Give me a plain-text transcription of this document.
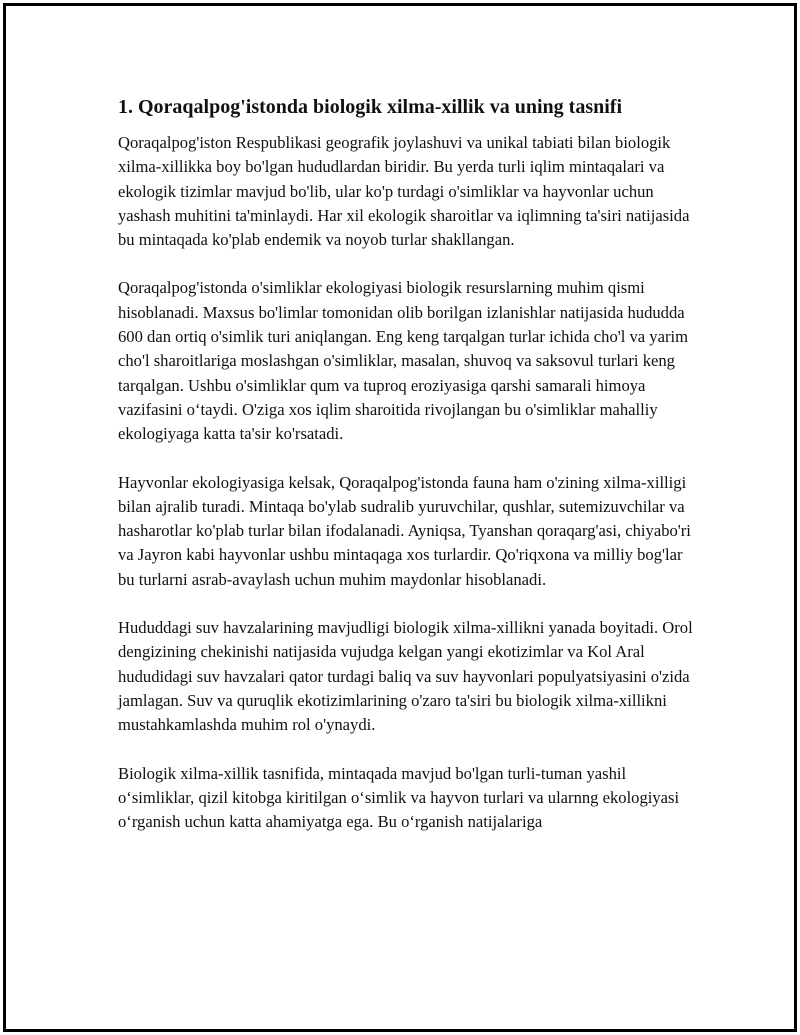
1. Qoraqalpog'istonda biologik xilma-xillik va uning tasnifi

Qoraqalpog'iston Respublikasi geografik joylashuvi va unikal tabiati bilan biologik xilma-xillikka boy bo'lgan hududlardan biridir. Bu yerda turli iqlim mintaqalari va ekologik tizimlar mavjud bo'lib, ular ko'p turdagi o'simliklar va hayvonlar uchun yashash muhitini ta'minlaydi. Har xil ekologik sharoitlar va iqlimning ta'siri natijasida bu mintaqada ko'plab endemik va noyob turlar shakllangan.

Qoraqalpog'istonda o'simliklar ekologiyasi biologik resurslarning muhim qismi hisoblanadi. Maxsus bo'limlar tomonidan olib borilgan izlanishlar natijasida hududda 600 dan ortiq o'simlik turi aniqlangan. Eng keng tarqalgan turlar ichida cho'l va yarim cho'l sharoitlariga moslashgan o'simliklar, masalan, shuvoq va saksovul turlari keng tarqalgan. Ushbu o'simliklar qum va tuproq eroziyasiga qarshi samarali himoya vazifasini o‘taydi. O'ziga xos iqlim sharoitida rivojlangan bu o'simliklar mahalliy ekologiyaga katta ta'sir ko'rsatadi.

Hayvonlar ekologiyasiga kelsak, Qoraqalpog'istonda fauna ham o'zining xilma-xilligi bilan ajralib turadi. Mintaqa bo'ylab sudralib yuruvchilar, qushlar, sutemizuvchilar va hasharotlar ko'plab turlar bilan ifodalanadi. Ayniqsa, Tyanshan qoraqarg'asi, chiyabo'ri va Jayron kabi hayvonlar ushbu mintaqaga xos turlardir. Qo'riqxona va milliy bog'lar bu turlarni asrab-avaylash uchun muhim maydonlar hisoblanadi.

Hududdagi suv havzalarining mavjudligi biologik xilma-xillikni yanada boyitadi. Orol dengizining chekinishi natijasida vujudga kelgan yangi ekotizimlar va Kol Aral hududidagi suv havzalari qator turdagi baliq va suv hayvonlari populyatsiyasini o'zida jamlagan. Suv va quruqlik ekotizimlarining o'zaro ta'siri bu biologik xilma-xillikni mustahkamlashda muhim rol o'ynaydi.

Biologik xilma-xillik tasnifida, mintaqada mavjud bo'lgan turli-tuman yashil o‘simliklar, qizil kitobga kiritilgan o‘simlik va hayvon turlari va ularnng ekologiyasi o‘rganish uchun katta ahamiyatga ega. Bu o‘rganish natijalariga
